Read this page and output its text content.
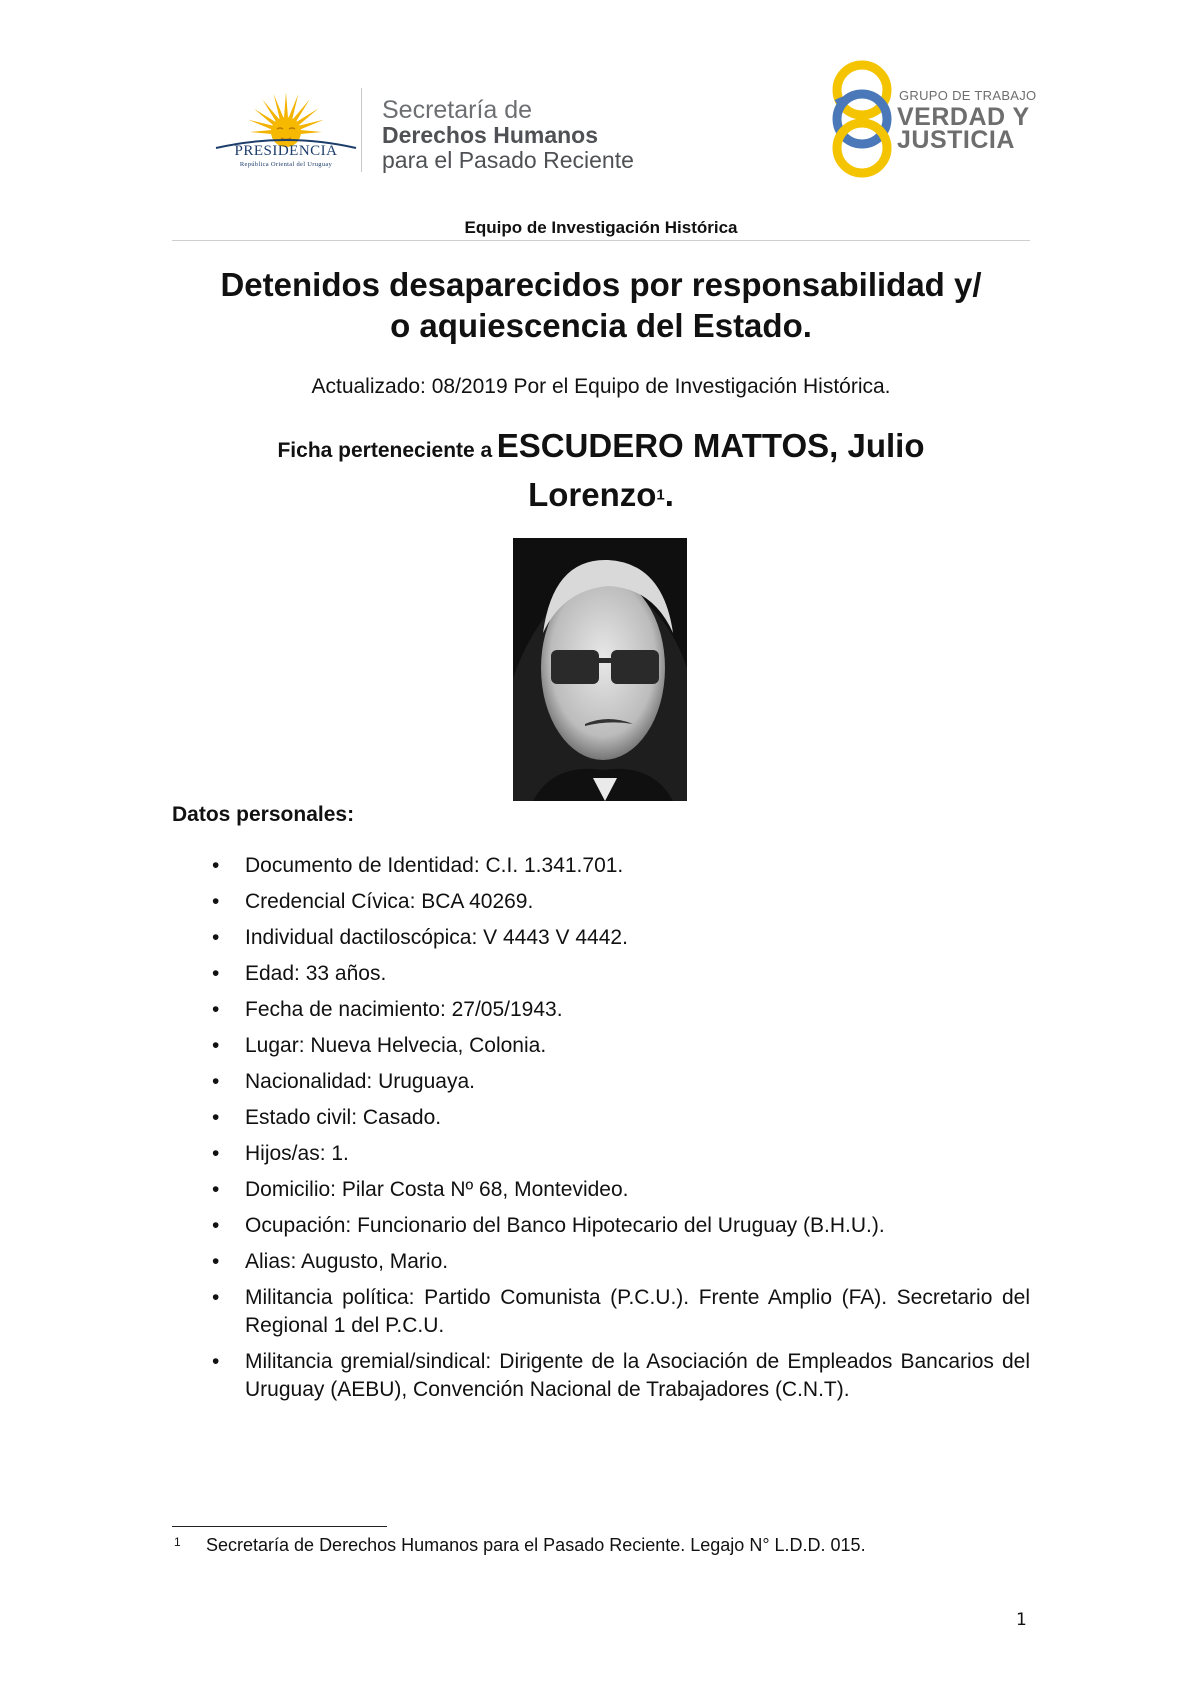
PRESIDENCIA
República Oriental del Uruguay
Secretaría de
Derechos Humanos
para el Pasado Reciente
GRUPO DE TRABAJO
VERDAD Y
JUSTICIA
Equipo de Investigación Histórica
Detenidos desaparecidos por responsabilidad y/
o aquiescencia del Estado.
Actualizado: 08/2019 Por el Equipo de Investigación Histórica.
Ficha perteneciente a ESCUDERO MATTOS, Julio
Lorenzo$^1$.
Datos personales:
• Documento de Identidad: C.I. 1.341.701.
• Credencial Cívica: BCA 40269.
• Individual dactiloscópica: V 4443 V 4442.
• Edad: 33 años.
• Fecha de nacimiento: 27/05/1943.
• Lugar: Nueva Helvecia, Colonia.
• Nacionalidad: Uruguaya.
• Estado civil: Casado.
• Hijos/as: 1.
• Domicilio: Pilar Costa Nº 68, Montevideo.
• Ocupación: Funcionario del Banco Hipotecario del Uruguay (B.H.U.).
• Alias: Augusto, Mario.
• Militancia política: Partido Comunista (P.C.U.). Frente Amplio (FA). Secretario del Regional 1 del P.C.U.
• Militancia gremial/sindical: Dirigente de la Asociación de Empleados Bancarios del Uruguay (AEBU), Convención Nacional de Trabajadores (C.N.T).
1 Secretaría de Derechos Humanos para el Pasado Reciente. Legajo N° L.D.D. 015.
1
